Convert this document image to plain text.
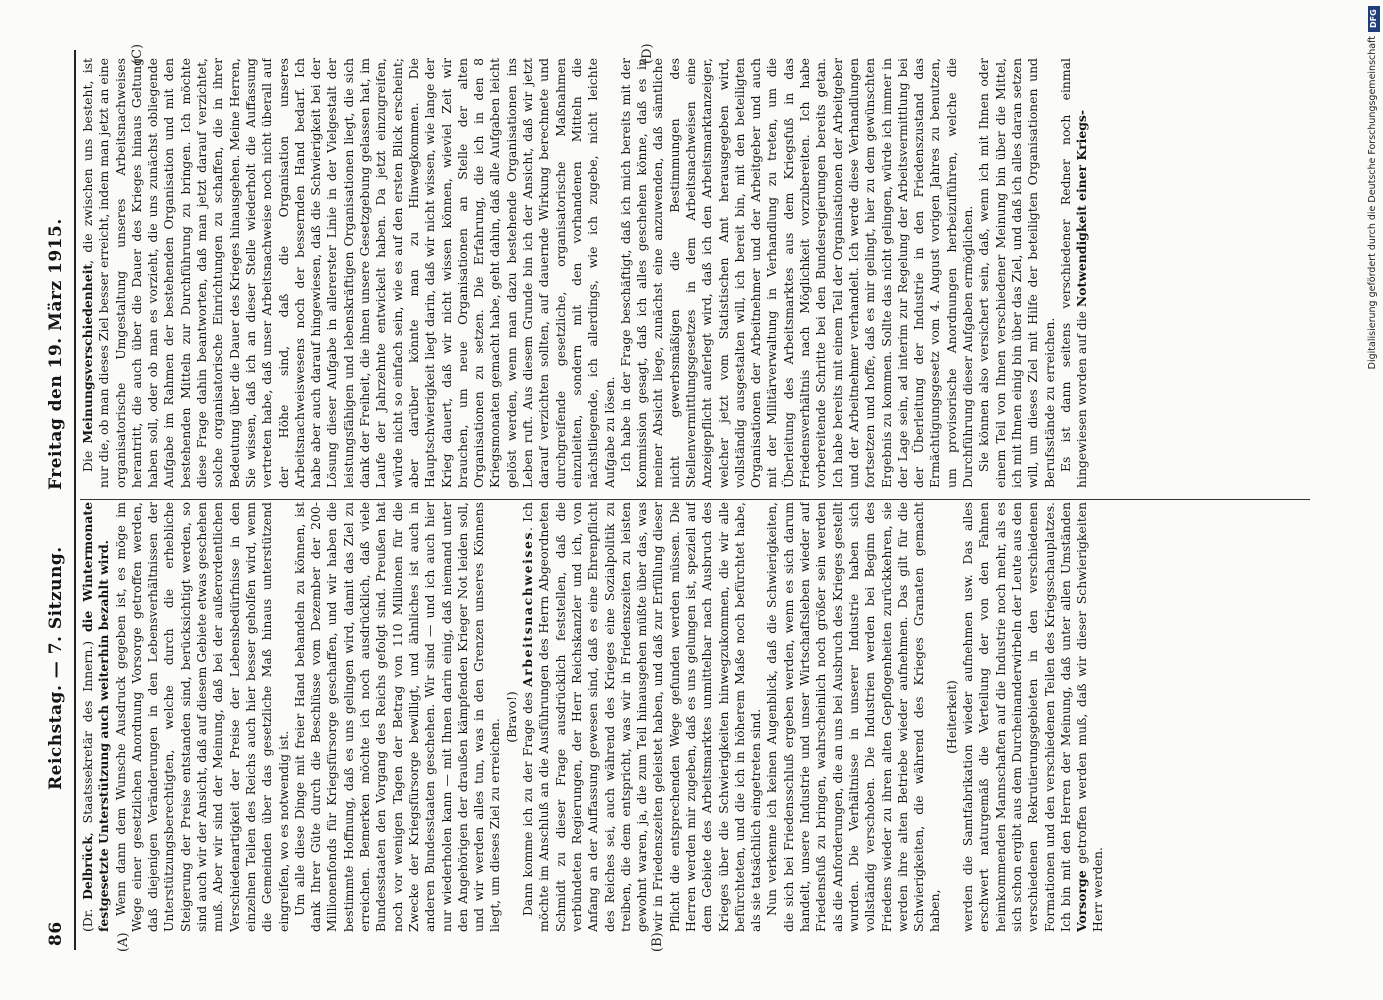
86
Reichstag. — 7. Sitzung.
Freitag den 19. März 1915.
(A)	(B)
(C)	(D)

(Dr. Delbrück, Staatssekretär des Innern.) die Wintermonate festgesetzte Unterstützung auch weiterhin bezahlt wird. Wenn dann dem Wunsche Ausdruck gegeben ist, es möge im Wege einer gesetzlichen Anordnung Vorsorge getroffen werden, daß diejenigen Veränderungen in den Lebensverhältnissen der Unterstützungsberechtigten, welche durch die erhebliche Steigerung der Preise entstanden sind, berücksichtigt werden, so sind auch wir der Ansicht, daß auf diesem Gebiete etwas geschehen muß. Aber wir sind der Meinung, daß bei der außerordentlichen Verschiedenartigkeit der Preise der Lebensbedürfnisse in den einzelnen Teilen des Reichs auch hier besser geholfen wird, wenn die Gemeinden über das gesetzliche Maß hinaus unterstützend eingreifen, wo es notwendig ist. Um alle diese Dinge mit freier Hand behandeln zu können, ist dank Ihrer Güte durch die Beschlüsse vom Dezember der 200-Millionenfonds für Kriegsfürsorge geschaffen, und wir haben die bestimmte Hoffnung, daß es uns gelingen wird, damit das Ziel zu erreichen. Bemerken möchte ich noch ausdrücklich, daß viele Bundesstaaten den Vorgang des Reichs gefolgt sind. Preußen hat noch vor wenigen Tagen der Betrag von 110 Millionen für die Zwecke der Kriegsfürsorge bewilligt, und ähnliches ist auch in anderen Bundesstaaten geschehen. Wir sind — und ich auch hier nur wiederholen kann — mit Ihnen darin einig, daß niemand unter den Angehörigen der draußen kämpfenden Krieger Not leiden soll, und wir werden alles tun, was in den Grenzen unseres Könnens liegt, um dieses Ziel zu erreichen.

(Bravo!) Dann komme ich zu der Frage des Arbeitsnachweises. Ich möchte im Anschluß an die Ausführungen des Herrn Abgeordneten Schmidt zu dieser Frage ausdrücklich feststellen, daß die verbündeten Regierungen, der Herr Reichskanzler und ich, von Anfang an der Auffassung gewesen sind, daß es eine Ehrenpflicht des Reiches sei, auch während des Krieges eine Sozialpolitik zu treiben, die dem entspricht, was wir in Friedenszeiten zu leisten gewohnt waren, ja, die zum Teil hinausgehen müßte über das, was wir in Friedenszeiten geleistet haben, und daß zur Erfüllung dieser Pflicht die entsprechenden Wege gefunden werden müssen. Die Herren werden mir zugeben, daß es uns gelungen ist, speziell auf dem Gebiete des Arbeitsmarktes unmittelbar nach Ausbruch des Krieges über die Schwierigkeiten hinwegzukommen, die wir alle befürchteten, und die ich in höherem Maße noch befürchtet habe, als sie tatsächlich eingetreten sind. Nun verkenne ich keinen Augenblick, daß die Schwierigkeiten, die sich bei Friedensschluß ergeben werden, wenn es sich darum handelt, unsere Industrie und unser Wirtschaftsleben wieder auf Friedensfuß zu bringen, wahrscheinlich noch größer sein werden als die Anforderungen, die an uns bei Ausbruch des Krieges gestellt wurden. Die Verhältnisse in unserer Industrie haben sich vollständig verschoben. Die Industrien werden bei Beginn des Friedens wieder zu ihren alten Gepflogenheiten zurückkehren, sie werden ihre alten Betriebe wieder aufnehmen. Das gilt für die Schwierigkeiten, die während des Krieges Granaten gemacht haben,

(Heiterkeit) werden die Samtfabrikation wieder aufnehmen usw. Das alles erschwert naturgemäß die Verteilung der von den Fahnen heimkommenden Mannschaften auf die Industrie noch mehr, als es sich schon ergibt aus dem Durcheinanderwirbeln der Leute aus den verschiedenen Rekrutierungsgebieten in den verschiedenen Formationen und den verschiedenen Teilen des Kriegsschauplatzes. Ich bin mit den Herren der Meinung, daß unter allen Umständen Vorsorge getroffen werden muß, daß wir dieser Schwierigkeiten Herr werden.

Die Meinungsverschiedenheit, die zwischen uns besteht, ist nur die, ob man dieses Ziel besser erreicht, indem man jetzt an eine organisatorische Umgestaltung unseres Arbeitsnachweises herantritt, die auch über die Dauer des Krieges hinaus Geltung haben soll, oder ob man es vorzieht, die uns zunächst obliegende Aufgabe im Rahmen der bestehenden Organisation und mit den bestehenden Mitteln zur Durchführung zu bringen. Ich möchte diese Frage dahin beantworten, daß man jetzt darauf verzichtet, solche organisatorische Einrichtungen zu schaffen, die in ihrer Bedeutung über die Dauer des Krieges hinausgehen. Meine Herren, Sie wissen, daß ich an dieser Stelle wiederholt die Auffassung vertreten habe, daß unser Arbeitsnachweise noch nicht überall auf der Höhe sind, daß die Organisation unseres Arbeitsnachweiswesens noch der bessernden Hand bedarf. Ich habe aber auch darauf hingewiesen, daß die Schwierigkeit bei der Lösung dieser Aufgabe in allererster Linie in der Vielgestalt der leistungsfähigen und lebenskräftigen Organisationen liegt, die sich dank der Freiheit, die ihnen unsere Gesetzgebung gelassen hat, im Laufe der Jahrzehnte entwickelt haben. Da jetzt einzugreifen, würde nicht so einfach sein, wie es auf den ersten Blick erscheint; aber darüber könnte man zu Hinwegkommen. Die Hauptschwierigkeit liegt darin, daß wir nicht wissen, wie lange der Krieg dauert, daß wir nicht wissen können, wieviel Zeit wir brauchen, um neue Organisationen an Stelle der alten Organisationen zu setzen. Die Erfahrung, die ich in den 8 Kriegsmonaten gemacht habe, geht dahin, daß alle Aufgaben leicht gelöst werden, wenn man dazu bestehende Organisationen ins Leben ruft. Aus diesem Grunde bin ich der Ansicht, daß wir jetzt darauf verzichten sollten, auf dauernde Wirkung berechnete und durchgreifende gesetzliche, organisatorische Maßnahmen einzuleiten, sondern mit den vorhandenen Mitteln die nächstliegende, ich allerdings, wie ich zugebe, nicht leichte Aufgabe zu lösen. Ich habe in der Frage beschäftigt, daß ich mich bereits mit der Kommission gesagt, daß ich alles geschehen könne, daß es in meiner Absicht liege, zunächst eine anzuwenden, daß sämtliche nicht gewerbsmäßigen die Bestimmungen des Stellenvermittlungsgesetzes in dem Arbeitsnachweisen eine Anzeigepflicht auferlegt wird, daß ich den Arbeitsmarktanzeiger, welcher jetzt vom Statistischen Amt herausgegeben wird, vollständig ausgestalten will, ich bereit bin, mit den beteiligten Organisationen der Arbeitnehmer und der Arbeitgeber und auch mit der Militärverwaltung in Verhandlung zu treten, um die Überleitung des Arbeitsmarktes aus dem Kriegsfuß in das Friedensverhältnis nach Möglichkeit vorzubereiten. Ich habe vorbereitende Schritte bei den Bundesregierungen bereits getan. Ich habe bereits mit einem Teil der Organisationen der Arbeitgeber und der Arbeitnehmer verhandelt. Ich werde diese Verhandlungen fortsetzen und hoffe, daß es mir gelingt, hier zu dem gewünschten Ergebnis zu kommen. Sollte das nicht gelingen, würde ich immer in der Lage sein, ad interim zur Regelung der Arbeitsvermittlung bei der Überleitung der Industrie in den Friedenszustand das Ermächtigungsgesetz vom 4. August vorigen Jahres zu benutzen, um provisorische Anordnungen herbeizuführen, welche die Durchführung dieser Aufgaben ermöglichen. Sie können also versichert sein, daß, wenn ich mit Ihnen oder einem Teil von Ihnen verschiedener Meinung bin über die Mittel, ich mit Ihnen einig bin über das Ziel, und daß ich alles daran setzen will, um dieses Ziel mit Hilfe der beteiligten Organisationen und Berufsstände zu erreichen. Es ist dann seitens verschiedener Redner noch einmal hingewiesen worden auf die Notwendigkeit einer Kriegs-

DFG
Digitalisierung gefördert durch die Deutsche Forschungsgemeinschaft
